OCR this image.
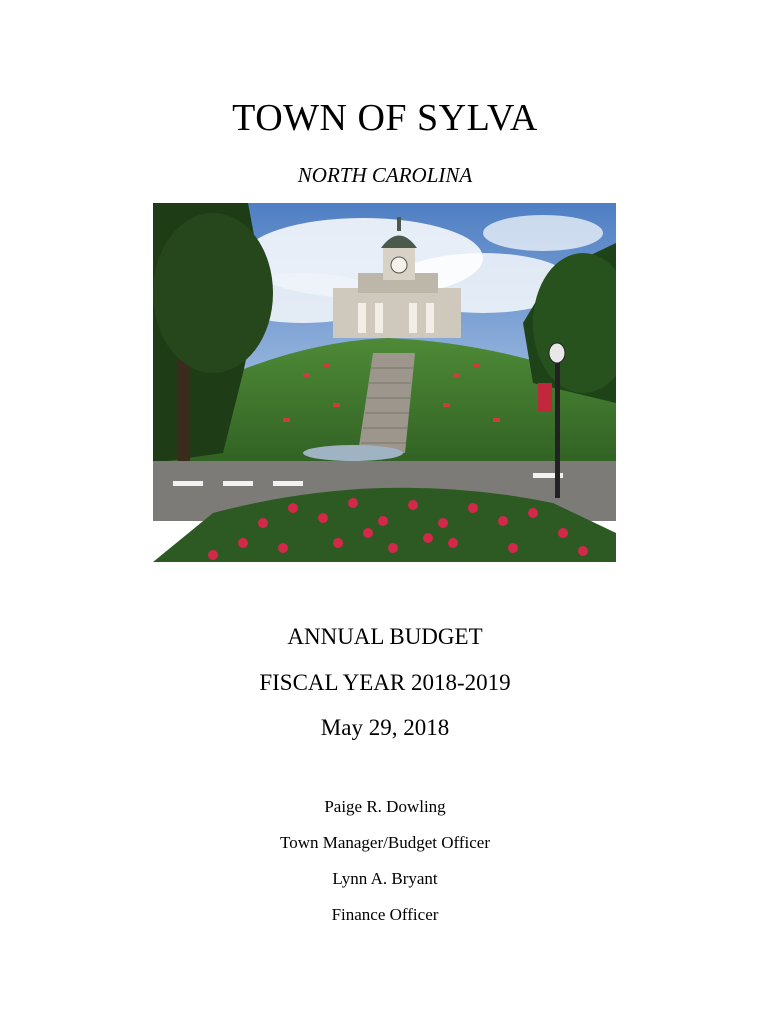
TOWN OF SYLVA
NORTH CAROLINA
ANNUAL BUDGET
FISCAL YEAR 2018-2019
May 29, 2018
Paige R. Dowling
Town Manager/Budget Officer
Lynn A. Bryant
Finance Officer
